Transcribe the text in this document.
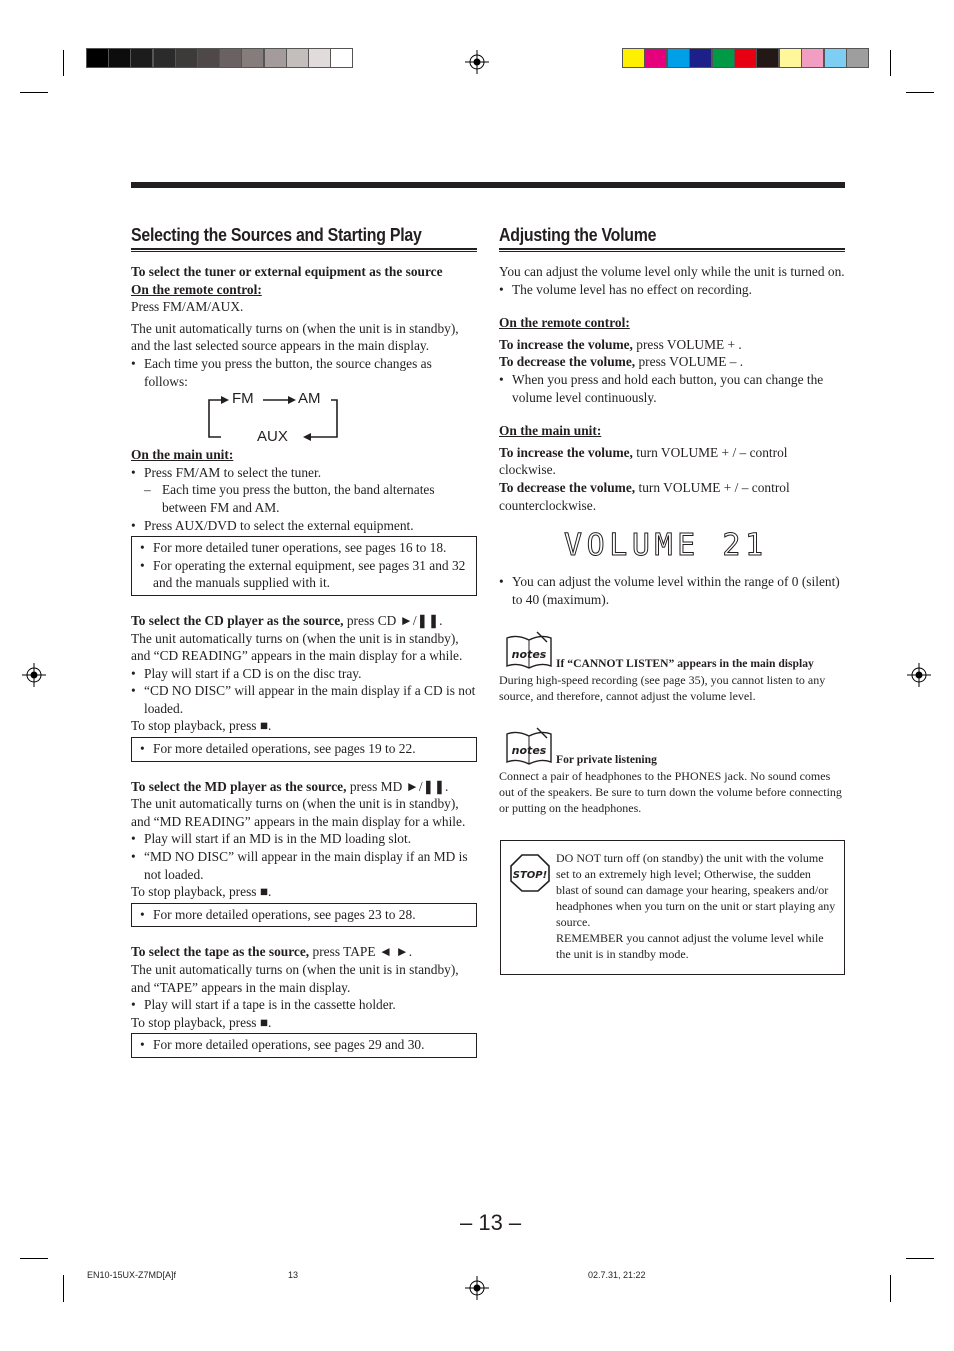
Selecting the Sources and Starting Play

To select the tuner or external equipment as the source

On the remote control:

Press FM/AM/AUX.

The unit automatically turns on (when the unit is in standby), and the last selected source appears in the main display.

• Each time you press the button, the source changes as follows:

FM	AM
AUX

On the main unit:

• Press FM/AM to select the tuner.

– Each time you press the button, the band alternates between FM and AM.

• Press AUX/DVD to select the external equipment.

• For more detailed tuner operations, see pages 16 to 18.

• For operating the external equipment, see pages 31 and 32 and the manuals supplied with it.

To select the CD player as the source, press CD ►/❚❚.

The unit automatically turns on (when the unit is in standby), and “CD READING” appears in the main display for a while.

• Play will start if a CD is on the disc tray.

• “CD NO DISC” will appear in the main display if a CD is not loaded.

To stop playback, press ■.

• For more detailed operations, see pages 19 to 22.

To select the MD player as the source, press MD ►/❚❚.

The unit automatically turns on (when the unit is in standby), and “MD READING” appears in the main display for a while.

• Play will start if an MD is in the MD loading slot.

• “MD NO DISC” will appear in the main display if an MD is not loaded.

To stop playback, press ■.

• For more detailed operations, see pages 23 to 28.

To select the tape as the source, press TAPE ◄ ►.

The unit automatically turns on (when the unit is in standby), and “TAPE” appears in the main display.

• Play will start if a tape is in the cassette holder.

To stop playback, press ■.

• For more detailed operations, see pages 29 and 30.

Adjusting the Volume

You can adjust the volume level only while the unit is turned on.

• The volume level has no effect on recording.

On the remote control:

To increase the volume, press VOLUME + .

To decrease the volume, press VOLUME – .

• When you press and hold each button, you can change the volume level continuously.

On the main unit:

To increase the volume, turn VOLUME + / – control clockwise.

To decrease the volume, turn VOLUME + / – control counterclockwise.

VOLUME 21

• You can adjust the volume level within the range of 0 (silent) to 40 (maximum).

notes
If “CANNOT LISTEN” appears in the main display
During high-speed recording (see page 35), you cannot listen to any source, and therefore, cannot adjust the volume level.
notes
For private listening
Connect a pair of headphones to the PHONES jack. No sound comes out of the speakers. Be sure to turn down the volume before connecting or putting on the headphones.
STOP!

DO NOT turn off (on standby) the unit with the volume set to an extremely high level; Otherwise, the sudden blast of sound can damage your hearing, speakers and/or headphones when you turn on the unit or start playing any source.

REMEMBER you cannot adjust the volume level while the unit is in standby mode.

– 13 –
EN10-15UX-Z7MD[A]f	13	02.7.31, 21:22
